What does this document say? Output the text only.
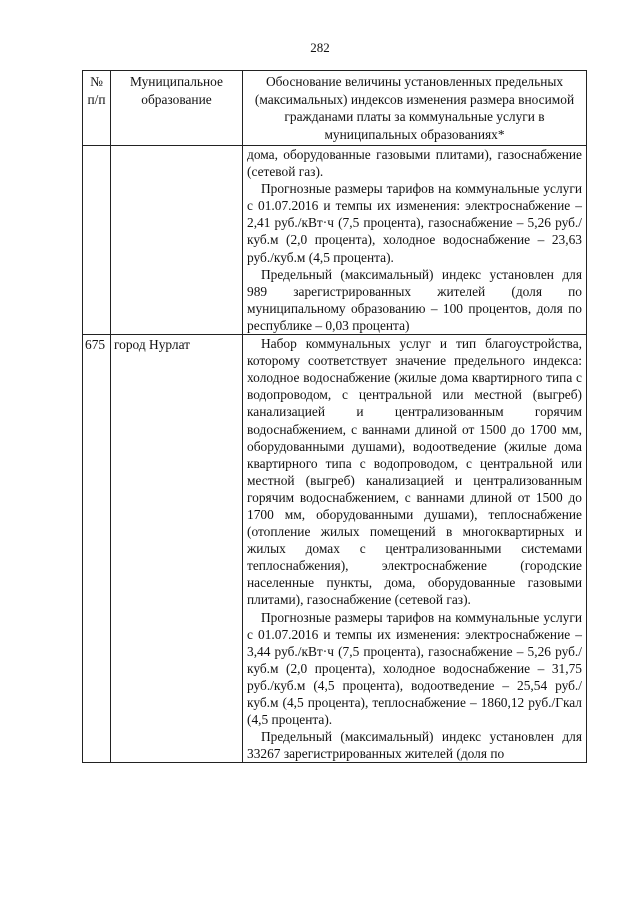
282
№ п/п	Муниципальное образование	Обоснование величины установленных предельных (максимальных) индексов изменения размера вносимой гражданами платы за коммунальные услуги в муниципальных образованиях*

		дома, оборудованные газовыми плитами), газоснабжение (сетевой газ).
Прогнозные размеры тарифов на коммунальные услуги с 01.07.2016 и темпы их изменения: электроснабжение – 2,41 руб./кВт·ч (7,5 процента), газоснабжение – 5,26 руб./куб.м (2,0 процента), холодное водоснабжение – 23,63 руб./куб.м (4,5 процента).
Предельный (максимальный) индекс установлен для 989 зарегистрированных жителей (доля по муниципальному образованию – 100 процентов, доля по республике – 0,03 процента)

675	город Нурлат	Набор коммунальных услуг и тип благоустройства, которому соответствует значение предельного индекса: холодное водоснабжение (жилые дома квартирного типа с водопроводом, с центральной или местной (выгреб) канализацией и централизованным горячим водоснабжением, с ваннами длиной от 1500 до 1700 мм, оборудованными душами), водоотведение (жилые дома квартирного типа с водопроводом, с центральной или местной (выгреб) канализацией и централизованным горячим водоснабжением, с ваннами длиной от 1500 до 1700 мм, оборудованными душами), теплоснабжение (отопление жилых помещений в многоквартирных и жилых домах с централизованными системами теплоснабжения), электроснабжение (городские населенные пункты, дома, оборудованные газовыми плитами), газоснабжение (сетевой газ).
Прогнозные размеры тарифов на коммунальные услуги с 01.07.2016 и темпы их изменения: электроснабжение – 3,44 руб./кВт·ч (7,5 процента), газоснабжение – 5,26 руб./куб.м (2,0 процента), холодное водоснабжение – 31,75 руб./куб.м (4,5 процента), водоотведение – 25,54 руб./куб.м (4,5 процента), теплоснабжение – 1860,12 руб./Гкал (4,5 процента).
Предельный (максимальный) индекс установлен для 33267 зарегистрированных жителей (доля по
